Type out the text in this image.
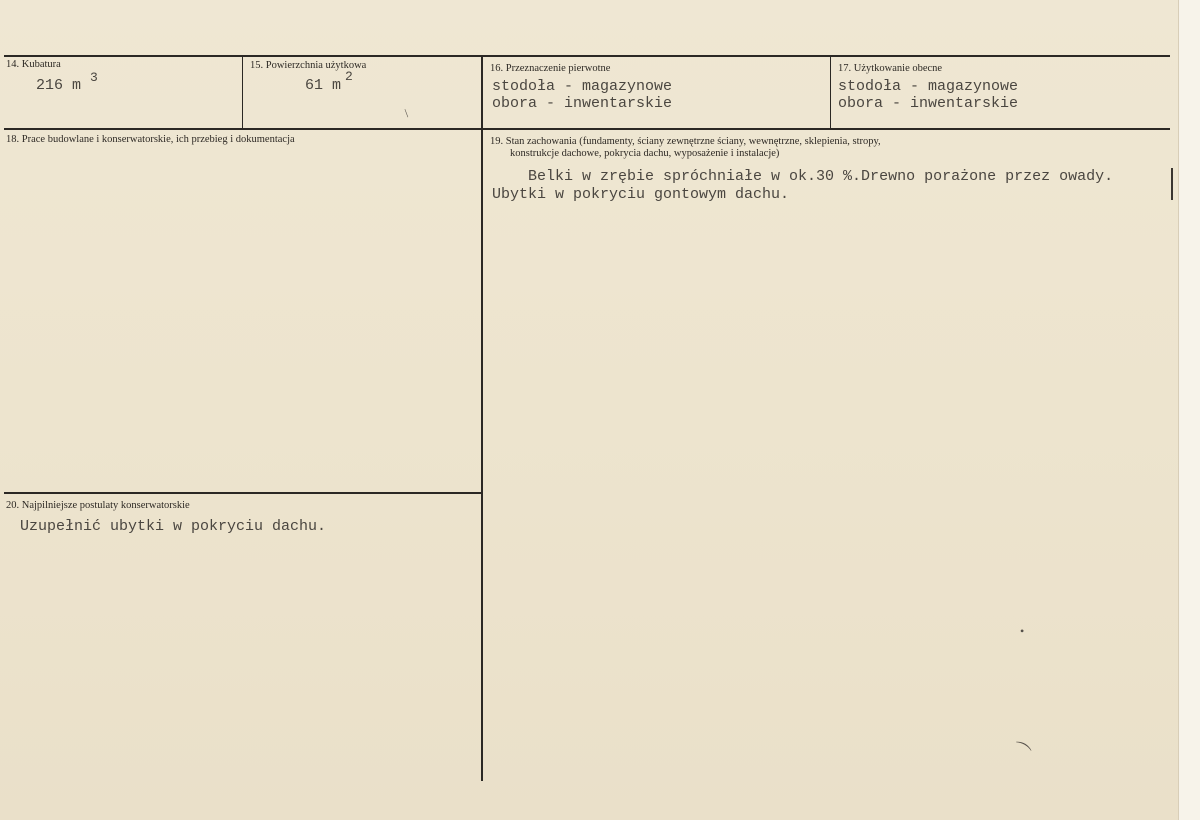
14. Kubatura
216 m 3
15. Powierzchnia użytkowa
61 m
2
16. Przeznaczenie pierwotne
stodoła - magazynowe
obora - inwentarskie
17. Użytkowanie obecne
stodoła - magazynowe
obora - inwentarskie
18. Prace budowlane i konserwatorskie, ich przebieg i dokumentacja	19. Stan zachowania (fundamenty, ściany zewnętrzne ściany, wewnętrzne, sklepienia, stropy,
konstrukcje dachowe, pokrycia dachu, wyposażenie i instalacje)
Belki w zrębie spróchniałe w ok.30 %.Drewno porażone przez owady.
Ubytki w pokryciu gontowym dachu.
20. Najpilniejsze postulaty konserwatorskie
Uzupełnić ubytki w pokryciu dachu.
/
•
⌒
